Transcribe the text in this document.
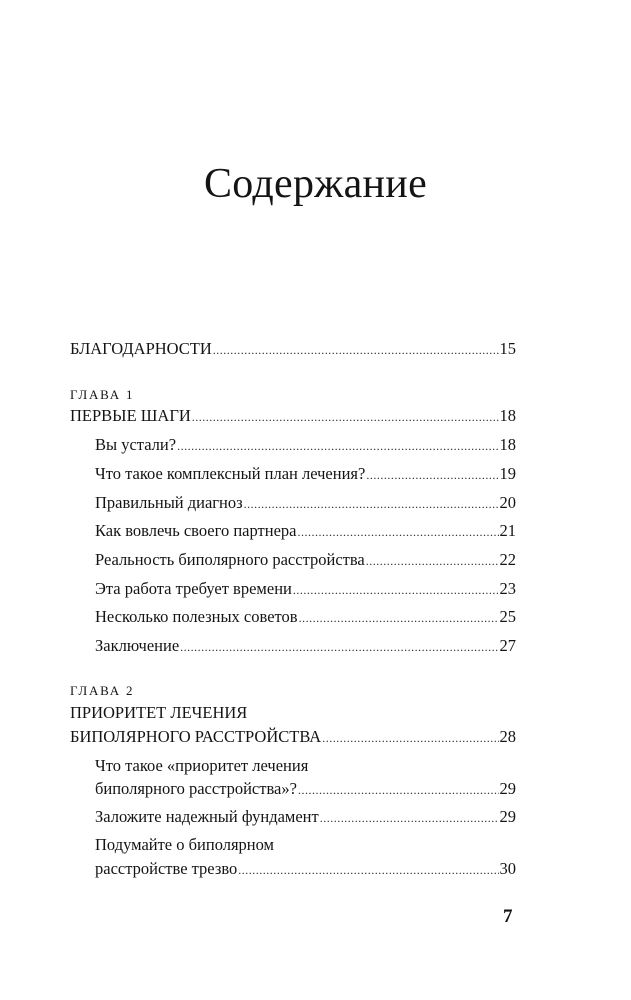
Содержание
БЛАГОДАРНОСТИ .....	15
ГЛАВА 1
ПЕРВЫЕ ШАГИ .....	18
Вы устали? .....	18
Что такое комплексный план лечения? .....	19
Правильный диагноз .....	20
Как вовлечь своего партнера .....	21
Реальность биполярного расстройства .....	22
Эта работа требует времени .....	23
Несколько полезных советов .....	25
Заключение .....	27
ГЛАВА 2
ПРИОРИТЕТ ЛЕЧЕНИЯ
БИПОЛЯРНОГО РАССТРОЙСТВА .....	28
Что такое «приоритет лечения
биполярного расстройства»? .....	29
Заложите надежный фундамент .....	29
Подумайте о биполярном
расстройстве трезво .....	30
7
